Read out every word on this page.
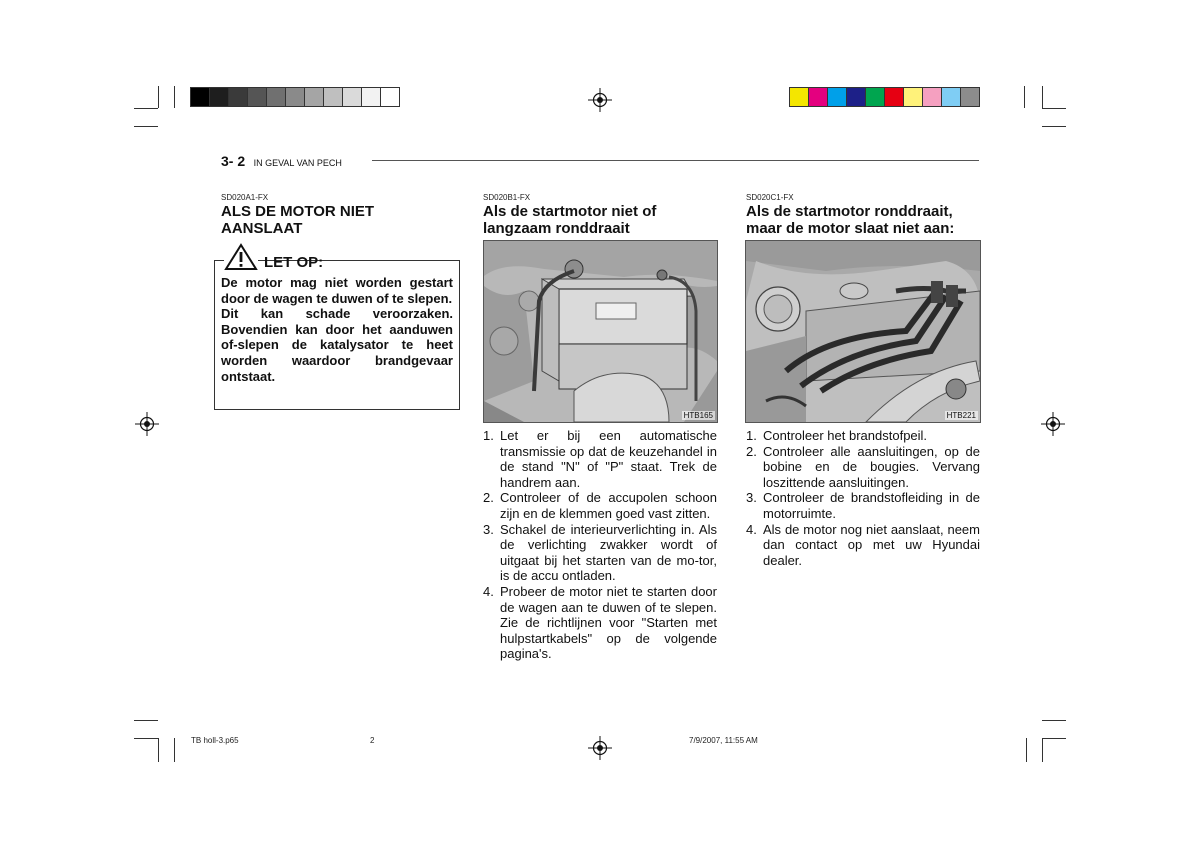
3- 2 IN GEVAL VAN PECH
SD020A1-FX
ALS DE MOTOR NIET
AANSLAAT
LET OP:
De motor mag niet worden gestart door de wagen te duwen of te slepen.
Dit kan schade veroorzaken. Bovendien kan door het aanduwen of-slepen de katalysator te heet worden waardoor brandgevaar ontstaat.
SD020B1-FX
Als de startmotor niet of
langzaam ronddraait
HTB165
1. Let er bij een automatische transmissie op dat de keuzehandel in de stand "N" of "P" staat. Trek de handrem aan.
2. Controleer of de accupolen schoon zijn en de klemmen goed vast zitten.
3. Schakel de interieurverlichting in. Als de verlichting zwakker wordt of uitgaat bij het starten van de mo-tor, is de accu ontladen.
4. Probeer de motor niet te starten door de wagen aan te duwen of te slepen. Zie de richtlijnen voor "Starten met hulpstartkabels" op de volgende pagina's.
SD020C1-FX
Als de startmotor ronddraait,
maar de motor slaat niet aan:
HTB221
1. Controleer het brandstofpeil.
2. Controleer alle aansluitingen, op de bobine en de bougies. Vervang loszittende aansluitingen.
3. Controleer de brandstofleiding in de motorruimte.
4. Als de motor nog niet aanslaat, neem dan contact op met uw Hyundai dealer.
TB holl-3.p65	2	7/9/2007, 11:55 AM
